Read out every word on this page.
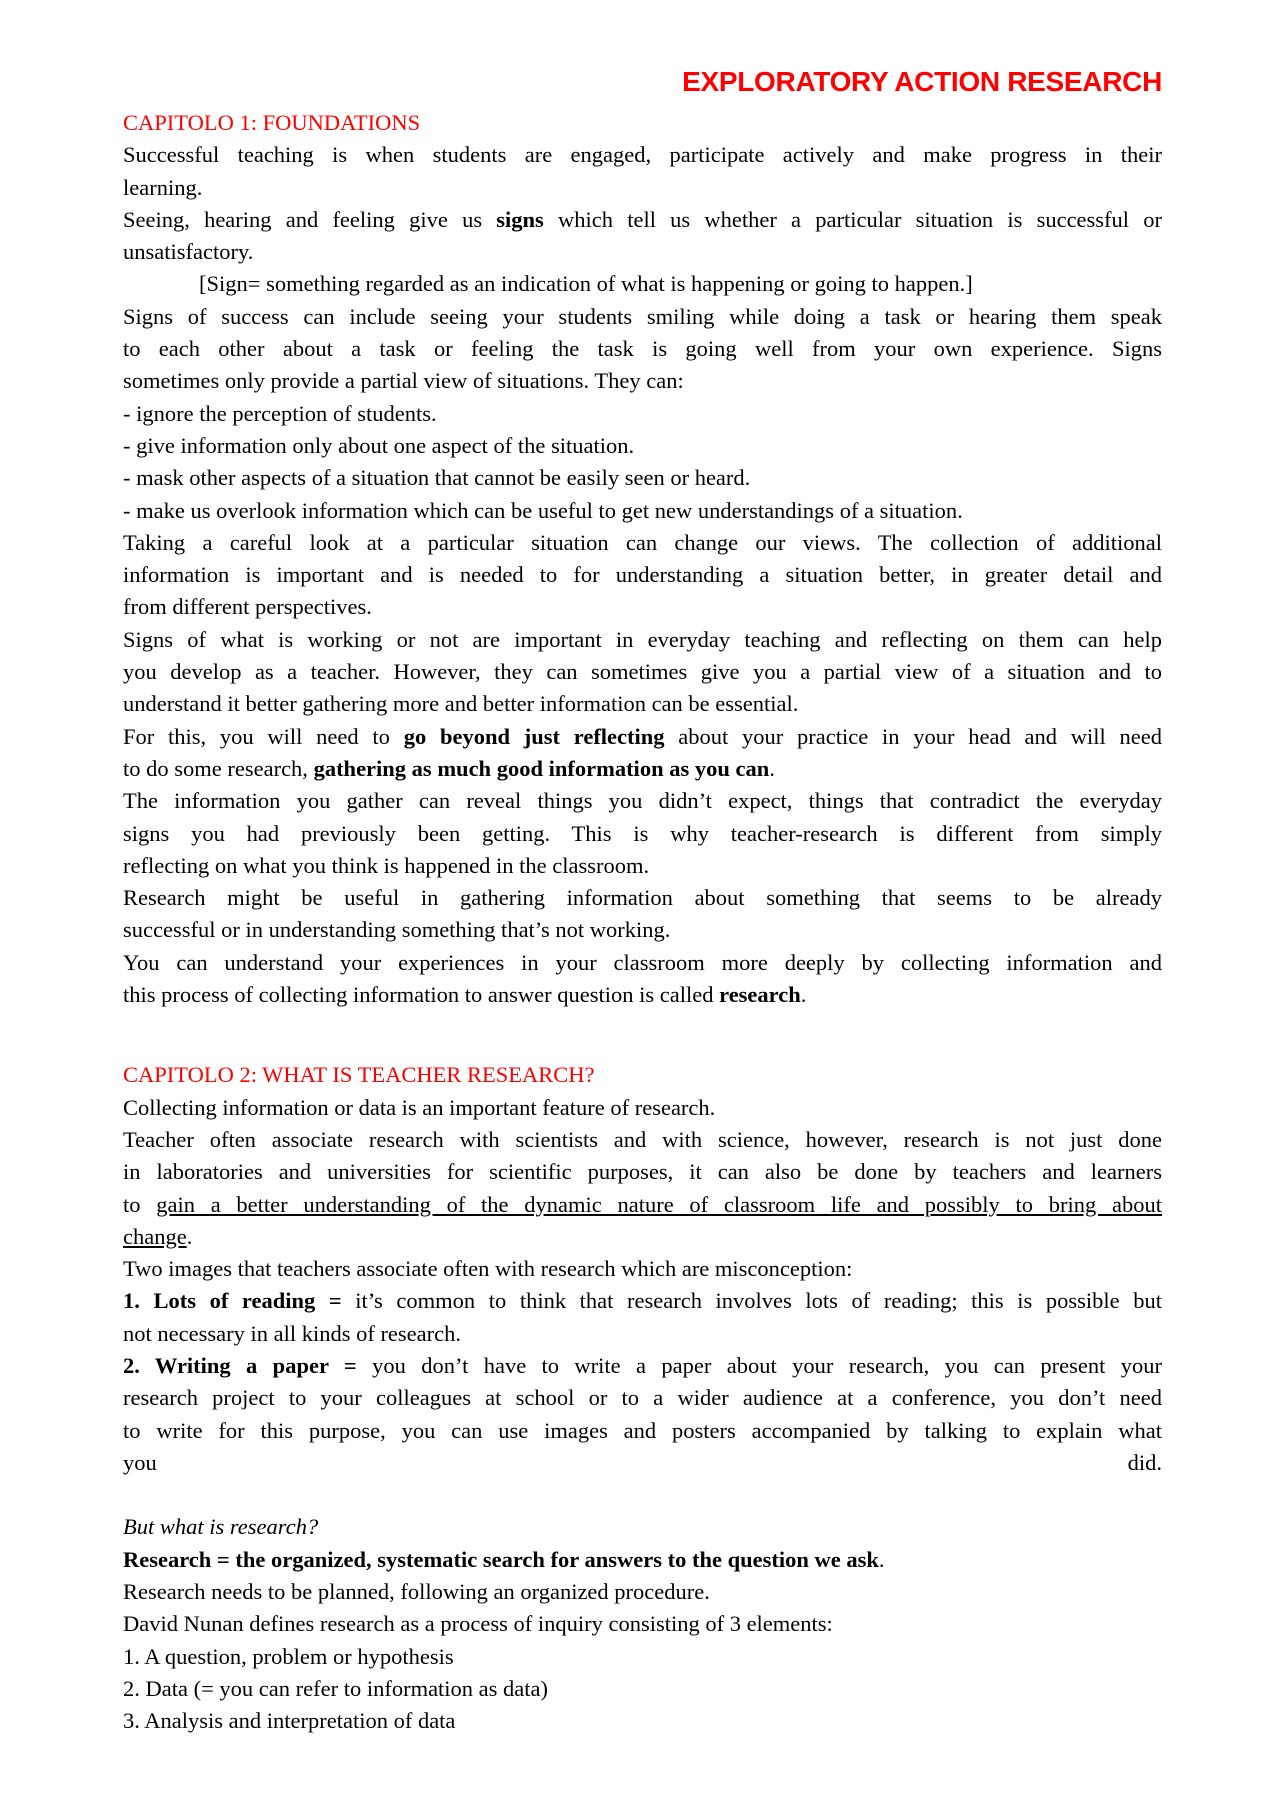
EXPLORATORY ACTION RESEARCH
CAPITOLO 1: FOUNDATIONS
Successful teaching is when students are engaged, participate actively and make progress in their
learning.
Seeing, hearing and feeling give us signs which tell us whether a particular situation is successful or
unsatisfactory.
[Sign= something regarded as an indication of what is happening or going to happen.]
Signs of success can include seeing your students smiling while doing a task or hearing them speak
to each other about a task or feeling the task is going well from your own experience. Signs
sometimes only provide a partial view of situations. They can:
- ignore the perception of students.
- give information only about one aspect of the situation.
- mask other aspects of a situation that cannot be easily seen or heard.
- make us overlook information which can be useful to get new understandings of a situation.
Taking a careful look at a particular situation can change our views. The collection of additional
information is important and is needed to for understanding a situation better, in greater detail and
from different perspectives.
Signs of what is working or not are important in everyday teaching and reflecting on them can help
you develop as a teacher. However, they can sometimes give you a partial view of a situation and to
understand it better gathering more and better information can be essential.
For this, you will need to go beyond just reflecting about your practice in your head and will need
to do some research, gathering as much good information as you can.
The information you gather can reveal things you didn’t expect, things that contradict the everyday
signs you had previously been getting. This is why teacher-research is different from simply
reflecting on what you think is happened in the classroom.
Research might be useful in gathering information about something that seems to be already
successful or in understanding something that’s not working.
You can understand your experiences in your classroom more deeply by collecting information and
this process of collecting information to answer question is called research.
CAPITOLO 2: WHAT IS TEACHER RESEARCH?
Collecting information or data is an important feature of research.
Teacher often associate research with scientists and with science, however, research is not just done
in laboratories and universities for scientific purposes, it can also be done by teachers and learners
to gain a better understanding of the dynamic nature of classroom life and possibly to bring about
change.
Two images that teachers associate often with research which are misconception:
1. Lots of reading = it’s common to think that research involves lots of reading; this is possible but
not necessary in all kinds of research.
2. Writing a paper = you don’t have to write a paper about your research, you can present your
research project to your colleagues at school or to a wider audience at a conference, you don’t need
to write for this purpose, you can use images and posters accompanied by talking to explain what
you did.
But what is research?
Research = the organized, systematic search for answers to the question we ask.
Research needs to be planned, following an organized procedure.
David Nunan defines research as a process of inquiry consisting of 3 elements:
1. A question, problem or hypothesis
2. Data (= you can refer to information as data)
3. Analysis and interpretation of data
